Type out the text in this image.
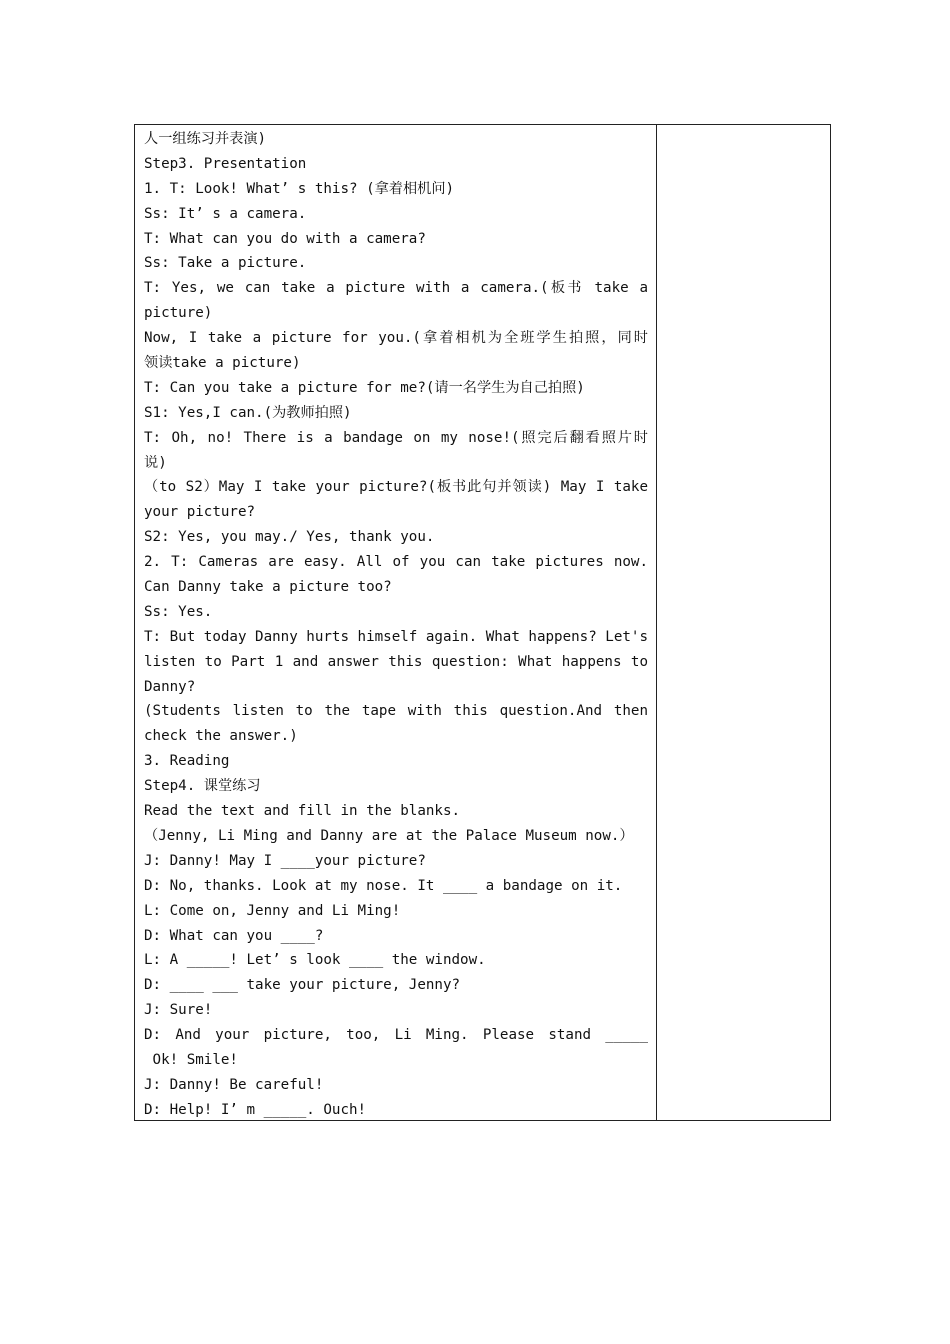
人一组练习并表演)
Step3. Presentation
1. T: Look! What’ s this? (拿着相机问)
Ss: It’ s a camera.
T: What can you do with a camera?
Ss: Take a picture.
T: Yes, we can take a picture with a camera.(板书 take a
picture)
Now, I take a picture for you.(拿着相机为全班学生拍照，同时
领读take a picture)
T: Can you take a picture for me?(请一名学生为自己拍照)
S1: Yes,I can.(为教师拍照)
T: Oh, no! There is a bandage on my nose!(照完后翻看照片时
说)
（to S2）May I take your picture?(板书此句并领读) May I take
your picture?
S2: Yes, you may./ Yes, thank you.
2. T: Cameras are easy. All of you can take pictures now.
Can Danny take a picture too?
Ss: Yes.
T: But today Danny hurts himself again. What happens? Let's
listen to Part 1 and answer this question: What happens to
Danny?
(Students listen to the tape with this question.And then
check the answer.)
3. Reading
Step4. 课堂练习
Read the text and fill in the blanks.
（Jenny, Li Ming and Danny are at the Palace Museum now.）
J: Danny! May I ____your picture?
D: No, thanks. Look at my nose. It ____ a bandage on it.
L: Come on, Jenny and Li Ming!
D: What can you ____?
L: A _____! Let’ s look ____ the window.
D: ____ ___ take your picture, Jenny?
J: Sure!
D: And your picture, too, Li Ming. Please stand _____
Ok! Smile!
J: Danny! Be careful!
D: Help! I’ m _____. Ouch!
